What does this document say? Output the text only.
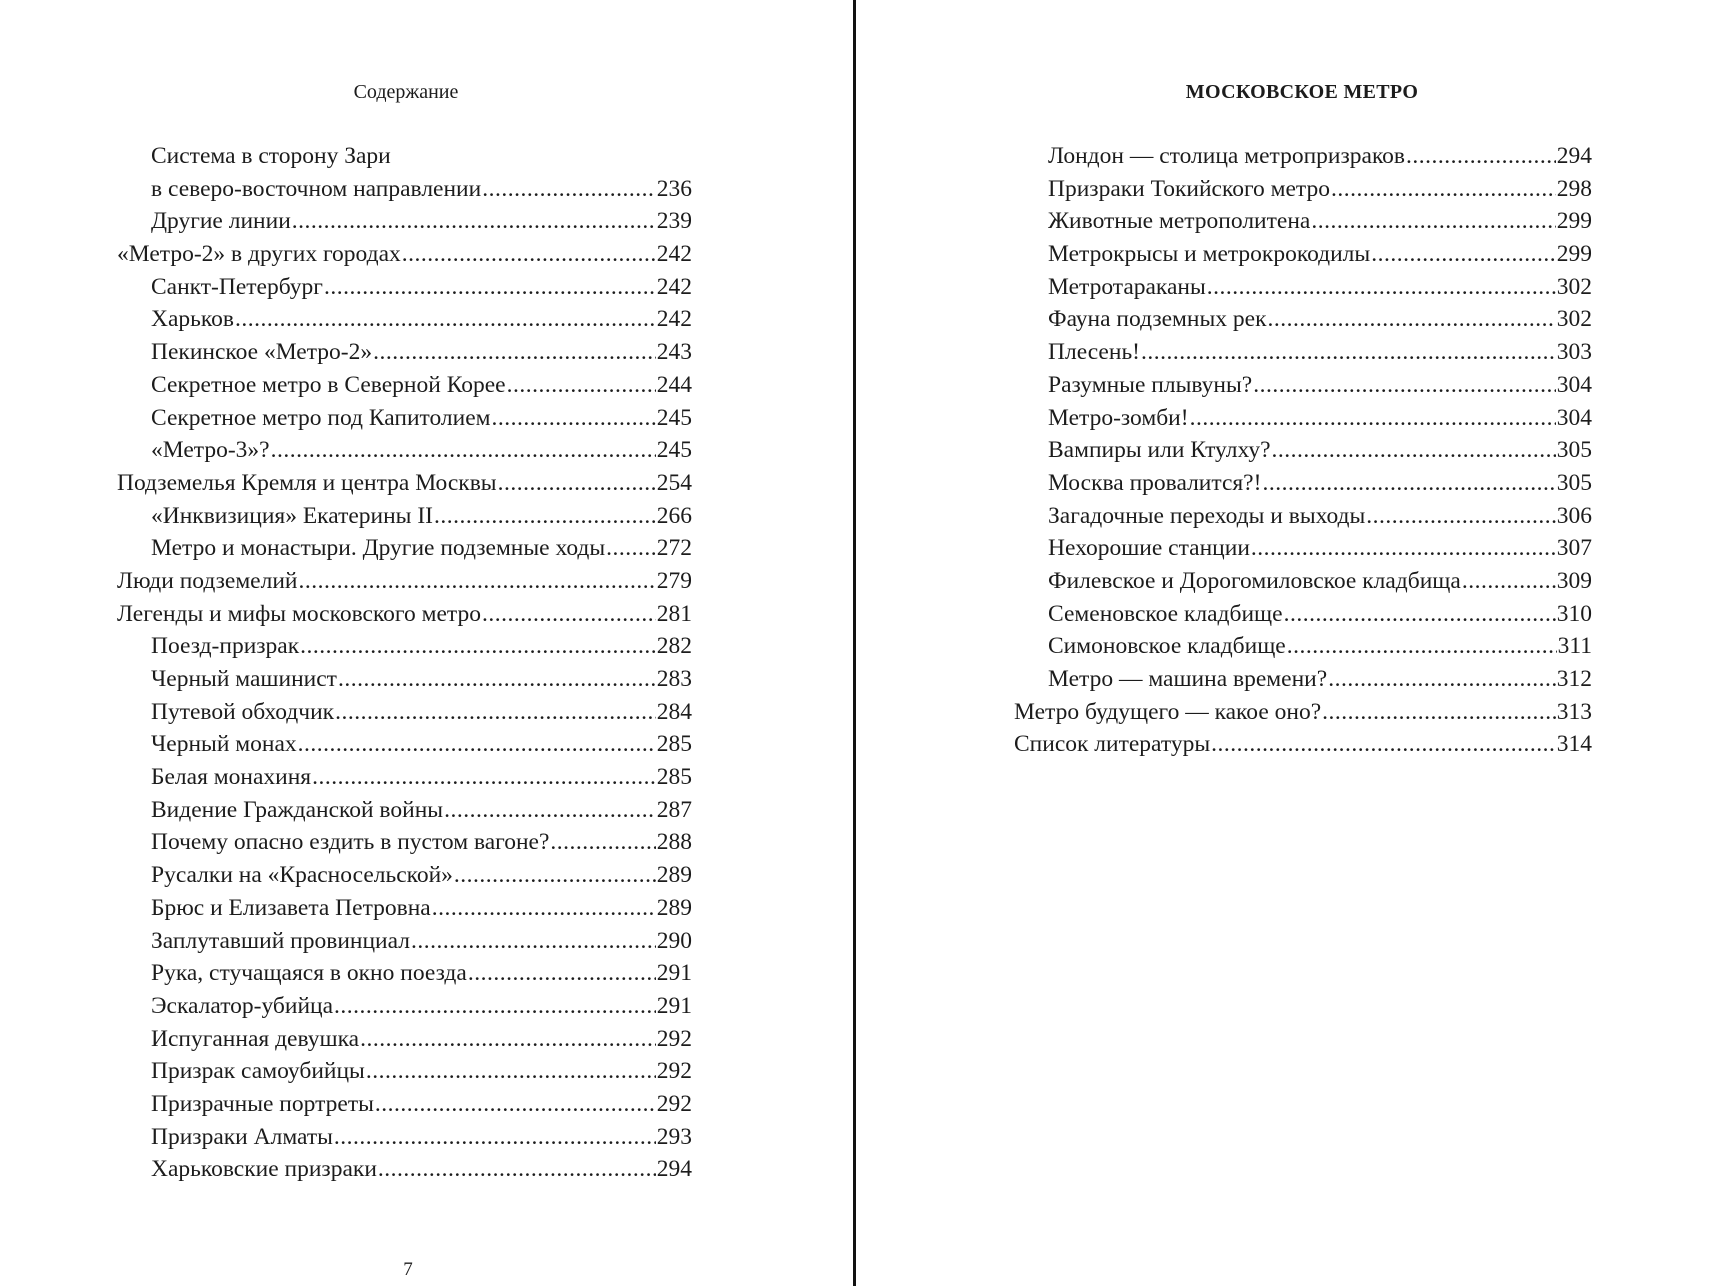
Содержание
Система в сторону Зари
в северо-восточном направлении .....	236
Другие линии .....	239
«Метро-2» в других городах .....	242
Санкт-Петербург .....	242
Харьков .....	242
Пекинское «Метро-2» .....	243
Секретное метро в Северной Корее .....	244
Секретное метро под Капитолием .....	245
«Метро-3»? .....	245
Подземелья Кремля и центра Москвы .....	254
«Инквизиция» Екатерины II .....	266
Метро и монастыри. Другие подземные ходы ..... 272
Люди подземелий .....	279
Легенды и мифы московского метро .....	281
Поезд-призрак .....	282
Черный машинист .....	283
Путевой обходчик .....	284
Черный монах .....	285
Белая монахиня .....	285
Видение Гражданской войны .....	287
Почему опасно ездить в пустом вагоне? .....	288
Русалки на «Красносельской» .....	289
Брюс и Елизавета Петровна .....	289
Заплутавший провинциал .....	290
Рука, стучащаяся в окно поезда .....	291
Эскалатор-убийца .....	291
Испуганная девушка .....	292
Призрак самоубийцы .....	292
Призрачные портреты .....	292
Призраки Алматы .....	293
Харьковские призраки .....	294
7
МОСКОВСКОЕ МЕТРО
Лондон — столица метропризраков .....	294
Призраки Токийского метро .....	298
Животные метрополитена .....	299
Метрокрысы и метрокрокодилы .....	299
Метротараканы .....	302
Фауна подземных рек .....	302
Плесень! .....	303
Разумные плывуны? .....	304
Метро-зомби! .....	304
Вампиры или Ктулху? .....	305
Москва провалится?! .....	305
Загадочные переходы и выходы .....	306
Нехорошие станции .....	307
Филевское и Дорогомиловское кладбища .....	309
Семеновское кладбище .....	310
Симоновское кладбище .....	311
Метро — машина времени? .....	312
Метро будущего — какое оно? .....	313
Список литературы .....	314
